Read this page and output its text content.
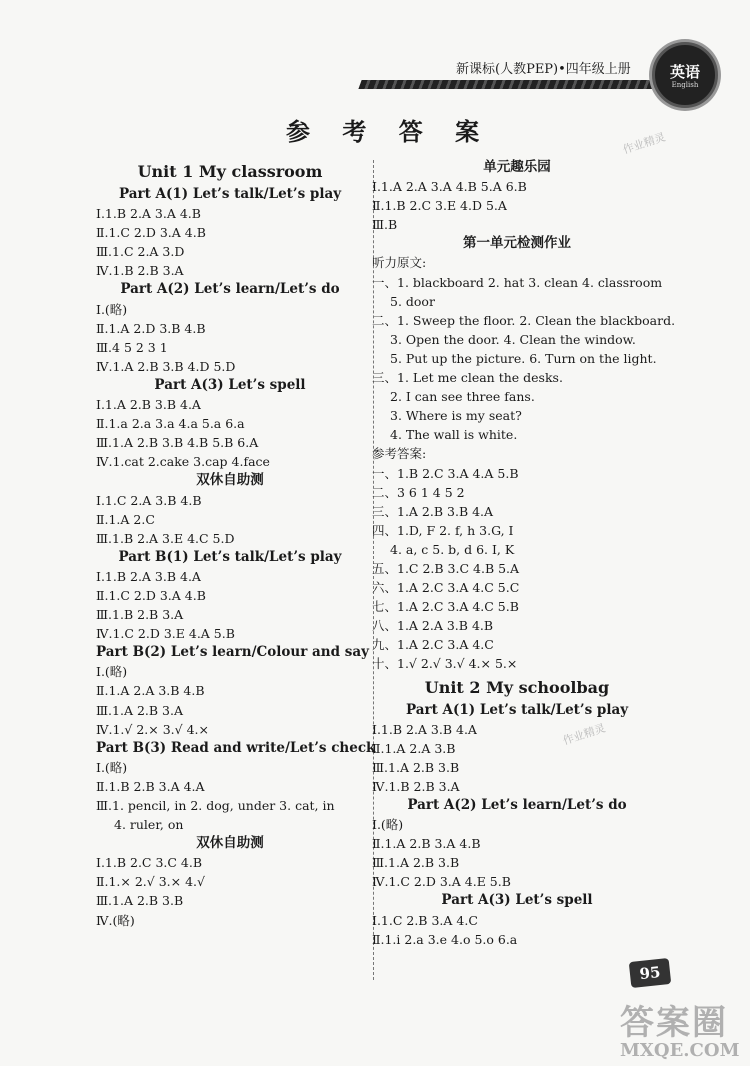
新课标(人教PEP)•四年级上册	英语
English
参 考 答 案	作业精灵
作业精灵
Unit 1 My classroom
Part A(1) Let’s talk/Let’s play
Ⅰ.1.B 2.A 3.A 4.B
Ⅱ.1.C 2.D 3.A 4.B
Ⅲ.1.C 2.A 3.D
Ⅳ.1.B 2.B 3.A
Part A(2) Let’s learn/Let’s do
Ⅰ.(略)
Ⅱ.1.A 2.D 3.B 4.B
Ⅲ.4 5 2 3 1
Ⅳ.1.A 2.B 3.B 4.D 5.D
Part A(3) Let’s spell
Ⅰ.1.A 2.B 3.B 4.A
Ⅱ.1.a 2.a 3.a 4.a 5.a 6.a
Ⅲ.1.A 2.B 3.B 4.B 5.B 6.A
Ⅳ.1.cat 2.cake 3.cap 4.face
双休自助测
Ⅰ.1.C 2.A 3.B 4.B
Ⅱ.1.A 2.C
Ⅲ.1.B 2.A 3.E 4.C 5.D
Part B(1) Let’s talk/Let’s play
Ⅰ.1.B 2.A 3.B 4.A
Ⅱ.1.C 2.D 3.A 4.B
Ⅲ.1.B 2.B 3.A
Ⅳ.1.C 2.D 3.E 4.A 5.B
Part B(2) Let’s learn/Colour and say
Ⅰ.(略)
Ⅱ.1.A 2.A 3.B 4.B
Ⅲ.1.A 2.B 3.A
Ⅳ.1.√ 2.× 3.√ 4.×
Part B(3) Read and write/Let’s check
Ⅰ.(略)
Ⅱ.1.B 2.B 3.A 4.A
Ⅲ.1. pencil, in 2. dog, under 3. cat, in
4. ruler, on
双休自助测
Ⅰ.1.B 2.C 3.C 4.B
Ⅱ.1.× 2.√ 3.× 4.√
Ⅲ.1.A 2.B 3.B
Ⅳ.(略)
单元趣乐园
Ⅰ.1.A 2.A 3.A 4.B 5.A 6.B
Ⅱ.1.B 2.C 3.E 4.D 5.A
Ⅲ.B
第一单元检测作业
听力原文:
一、1. blackboard 2. hat 3. clean 4. classroom
5. door
二、1. Sweep the floor. 2. Clean the blackboard.
3. Open the door. 4. Clean the window.
5. Put up the picture. 6. Turn on the light.
三、1. Let me clean the desks.
2. I can see three fans.
3. Where is my seat?
4. The wall is white.
参考答案:
一、1.B 2.C 3.A 4.A 5.B
二、3 6 1 4 5 2
三、1.A 2.B 3.B 4.A
四、1.D, F 2. f, h 3.G, I
4. a, c 5. b, d 6. I, K
五、1.C 2.B 3.C 4.B 5.A
六、1.A 2.C 3.A 4.C 5.C
七、1.A 2.C 3.A 4.C 5.B
八、1.A 2.A 3.B 4.B
九、1.A 2.C 3.A 4.C
十、1.√ 2.√ 3.√ 4.× 5.×
Unit 2 My schoolbag
Part A(1) Let’s talk/Let’s play
Ⅰ.1.B 2.A 3.B 4.A
Ⅱ.1.A 2.A 3.B
Ⅲ.1.A 2.B 3.B
Ⅳ.1.B 2.B 3.A
Part A(2) Let’s learn/Let’s do
Ⅰ.(略)
Ⅱ.1.A 2.B 3.A 4.B
Ⅲ.1.A 2.B 3.B
Ⅳ.1.C 2.D 3.A 4.E 5.B
Part A(3) Let’s spell
Ⅰ.1.C 2.B 3.A 4.C
Ⅱ.1.i 2.a 3.e 4.o 5.o 6.a
95
答案圈
MXQE.COM
